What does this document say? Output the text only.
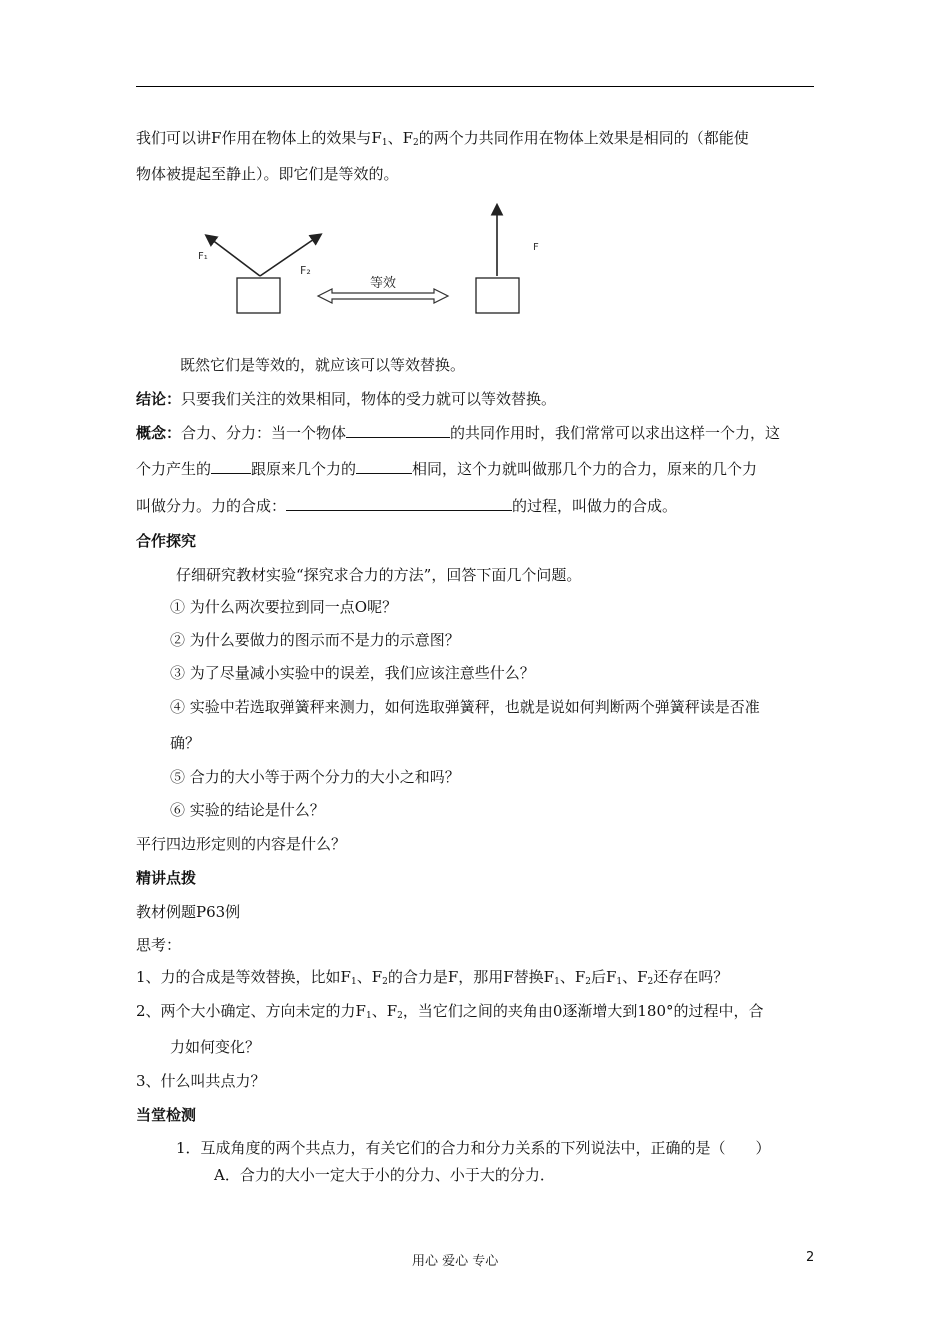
我们可以讲F作用在物体上的效果与$F_1$、$F_2$的两个力共同作用在物体上效果是相同的（都能使
物体被提起至静止）。即它们是等效的。
F₁
F₂
等效
F
既然它们是等效的，就应该可以等效替换。
结论：只要我们关注的效果相同，物体的受力就可以等效替换。
概念：合力、分力：当一个物体	的共同作用时，我们常常可以求出这样一个力，这
个力产生的	跟原来几个力的	相同，这个力就叫做那几个力的合力，原来的几个力
叫做分力。力的合成：	的过程，叫做力的合成。
合作探究
仔细研究教材实验“探究求合力的方法”，回答下面几个问题。
① 为什么两次要拉到同一点O呢？
② 为什么要做力的图示而不是力的示意图？
③ 为了尽量减小实验中的误差，我们应该注意些什么？
④ 实验中若选取弹簧秤来测力，如何选取弹簧秤，也就是说如何判断两个弹簧秤读是否准
确？
⑤ 合力的大小等于两个分力的大小之和吗？
⑥ 实验的结论是什么？
平行四边形定则的内容是什么？
精讲点拨
教材例题P63例
思考：
1、力的合成是等效替换，比如$F_1$、$F_2$的合力是F，那用F替换$F_1$、$F_2$后$F_1$、$F_2$还存在吗？
2、两个大小确定、方向未定的力$F_1$、$F_2$，当它们之间的夹角由0逐渐增大到180°的过程中，合
力如何变化？
3、什么叫共点力？
当堂检测
1．互成角度的两个共点力，有关它们的合力和分力关系的下列说法中，正确的是（　　）
A．合力的大小一定大于小的分力、小于大的分力．
用心 爱心 专心	2
